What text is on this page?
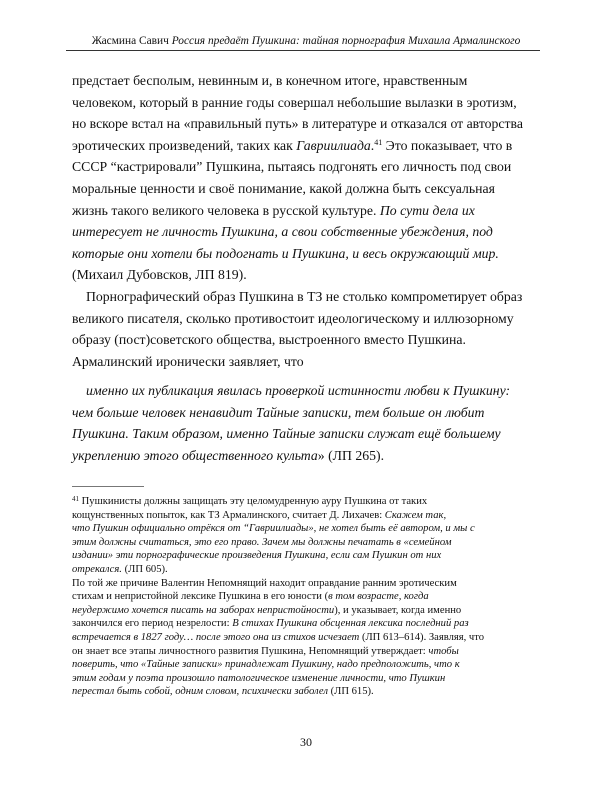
Жасмина Савич Россия предаёт Пушкина: тайная порнография Михаила Армалинского

предстает бесполым, невинным и, в конечном итоге, нравственным
человеком, который в ранние годы совершал небольшие вылазки в эротизм,
но вскоре встал на «правильный путь» в литературе и отказался от авторства
эротических произведений, таких как Гавриилиада.$^{41}$ Это показывает, что в
СССР “кастрировали” Пушкина, пытаясь подгонять его личность под свои
моральные ценности и своё понимание, какой должна быть сексуальная
жизнь такого великого человека в русской культуре. По сути дела их
интересует не личность Пушкина, а свои собственные убеждения, под
которые они хотели бы подогнать и Пушкина, и весь окружающий мир.
(Михаил Дубовсков, ЛП 819).

Порнографический образ Пушкина в ТЗ не столько компрометирует образ
великого писателя, сколько противостоит идеологическому и иллюзорному
образу (пост)советского общества, выстроенного вместо Пушкина.
Армалинский иронически заявляет, что

именно их публикация явилась проверкой истинности любви к Пушкину:
чем больше человек ненавидит Тайные записки, тем больше он любит
Пушкина. Таким образом, именно Тайные записки служат ещё большему
укреплению этого общественного культа» (ЛП 265).
$^{41}$ Пушкинисты должны защищать эту целомудренную ауру Пушкина от таких
кощунственных попыток, как ТЗ Армалинского, считает Д. Лихачев: Скажем так,
что Пушкин официально отрёкся от “Гавриилиады», не хотел быть её автором, и мы с
этим должны считаться, это его право. Зачем мы должны печатать в «семейном
издании» эти порнографические произведения Пушкина, если сам Пушкин от них
отрекался. (ЛП 605).
По той же причине Валентин Непомнящий находит оправдание ранним эротическим
стихам и непристойной лексике Пушкина в его юности (в том возрасте, когда
неудержимо хочется писать на заборах непристойности), и указывает, когда именно
закончился его период незрелости: В стихах Пушкина обсценная лексика последний раз
встречается в 1827 году… после этого она из стихов исчезает (ЛП 613–614). Заявляя, что
он знает все этапы личностного развития Пушкина, Непомнящий утверждает: чтобы
поверить, что «Тайные записки» принадлежат Пушкину, надо предположить, что к
этим годам у поэта произошло патологическое изменение личности, что Пушкин
перестал быть собой, одним словом, психически заболел (ЛП 615).
30
